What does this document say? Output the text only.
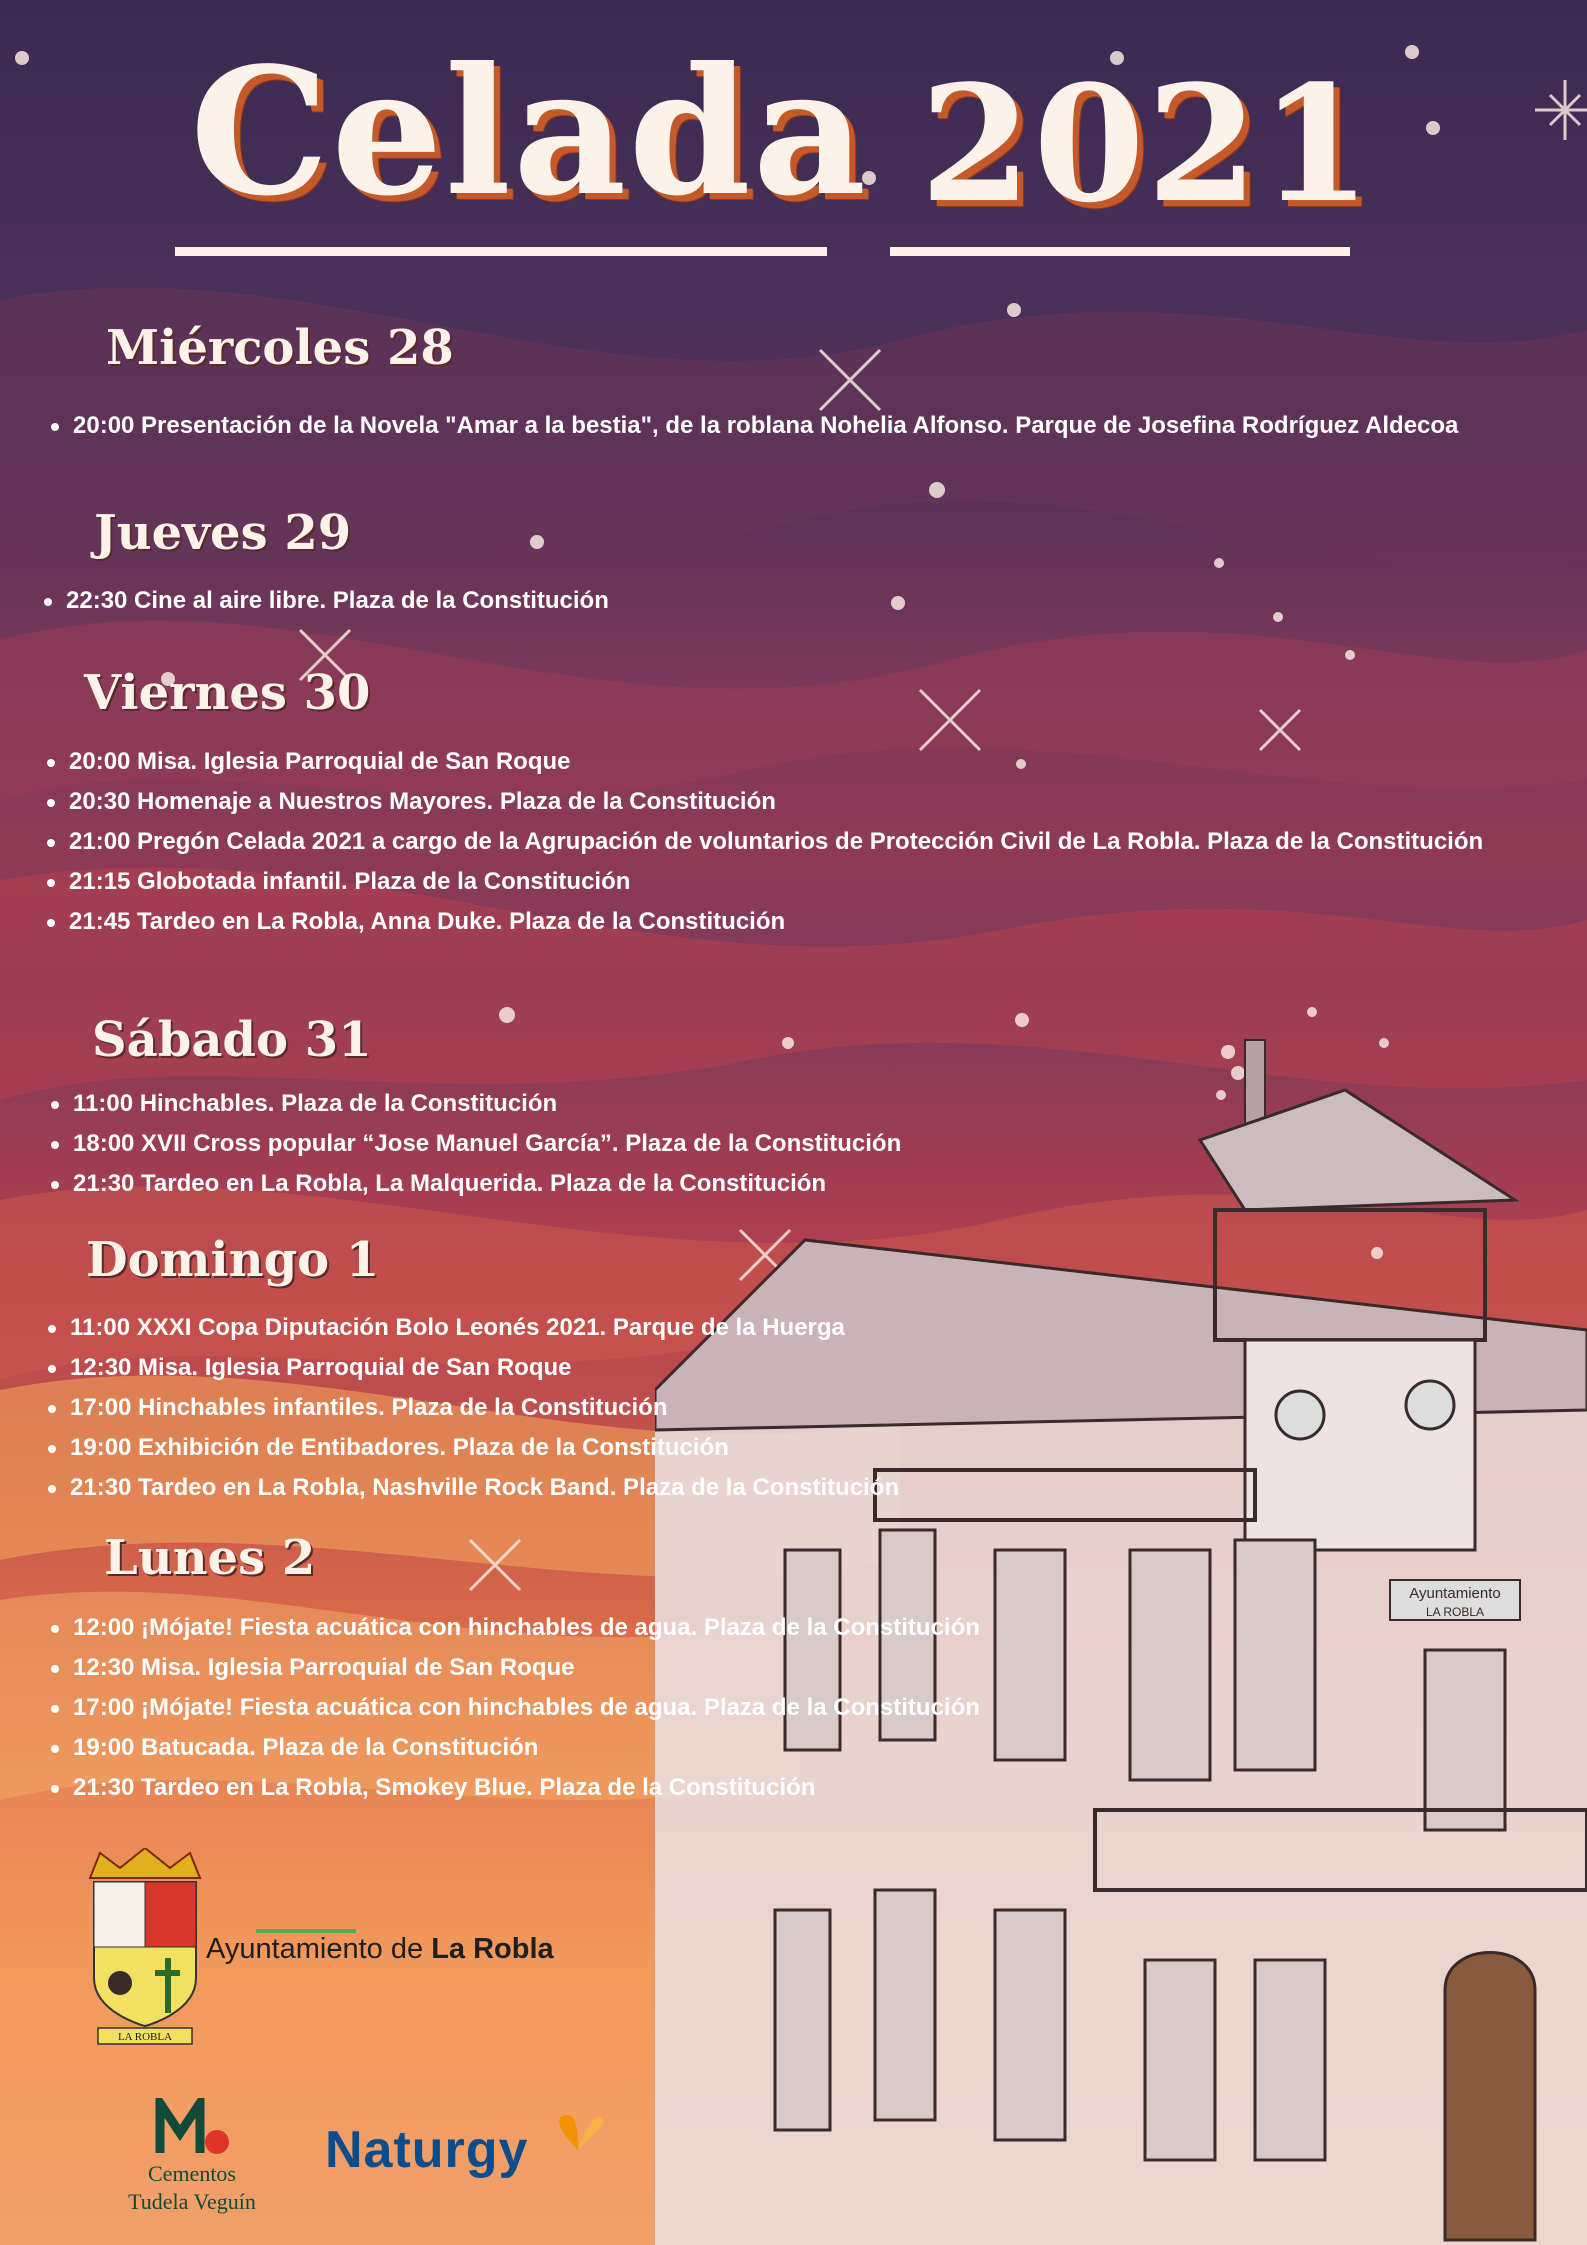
Celada 2021
Ayuntamiento
LA ROBLA
Miércoles 28
20:00 Presentación de la Novela "Amar a la bestia", de la roblana Nohelia Alfonso. Parque de Josefina Rodríguez Aldecoa
Jueves 29
22:30 Cine al aire libre. Plaza de la Constitución
Viernes 30
20:00 Misa. Iglesia Parroquial de San Roque
20:30 Homenaje a Nuestros Mayores. Plaza de la Constitución
21:00 Pregón Celada 2021 a cargo de la Agrupación de voluntarios de Protección Civil de La Robla. Plaza de la Constitución
21:15 Globotada infantil. Plaza de la Constitución
21:45 Tardeo en La Robla, Anna Duke. Plaza de la Constitución
Sábado 31
11:00 Hinchables. Plaza de la Constitución
18:00 XVII Cross popular “Jose Manuel García”. Plaza de la Constitución
21:30 Tardeo en La Robla, La Malquerida. Plaza de la Constitución
Domingo 1
11:00 XXXI Copa Diputación Bolo Leonés 2021. Parque de la Huerga
12:30 Misa. Iglesia Parroquial de San Roque
17:00 Hinchables infantiles. Plaza de la Constitución
19:00 Exhibición de Entibadores. Plaza de la Constitución
21:30 Tardeo en La Robla, Nashville Rock Band. Plaza de la Constitución
Lunes 2
12:00 ¡Mójate! Fiesta acuática con hinchables de agua. Plaza de la Constitución
12:30 Misa. Iglesia Parroquial de San Roque
17:00 ¡Mójate! Fiesta acuática con hinchables de agua. Plaza de la Constitución
19:00 Batucada. Plaza de la Constitución
21:30 Tardeo en La Robla, Smokey Blue. Plaza de la Constitución
LA ROBLA
Ayuntamiento de La Robla
Cementos
Tudela Veguín
Naturgy
